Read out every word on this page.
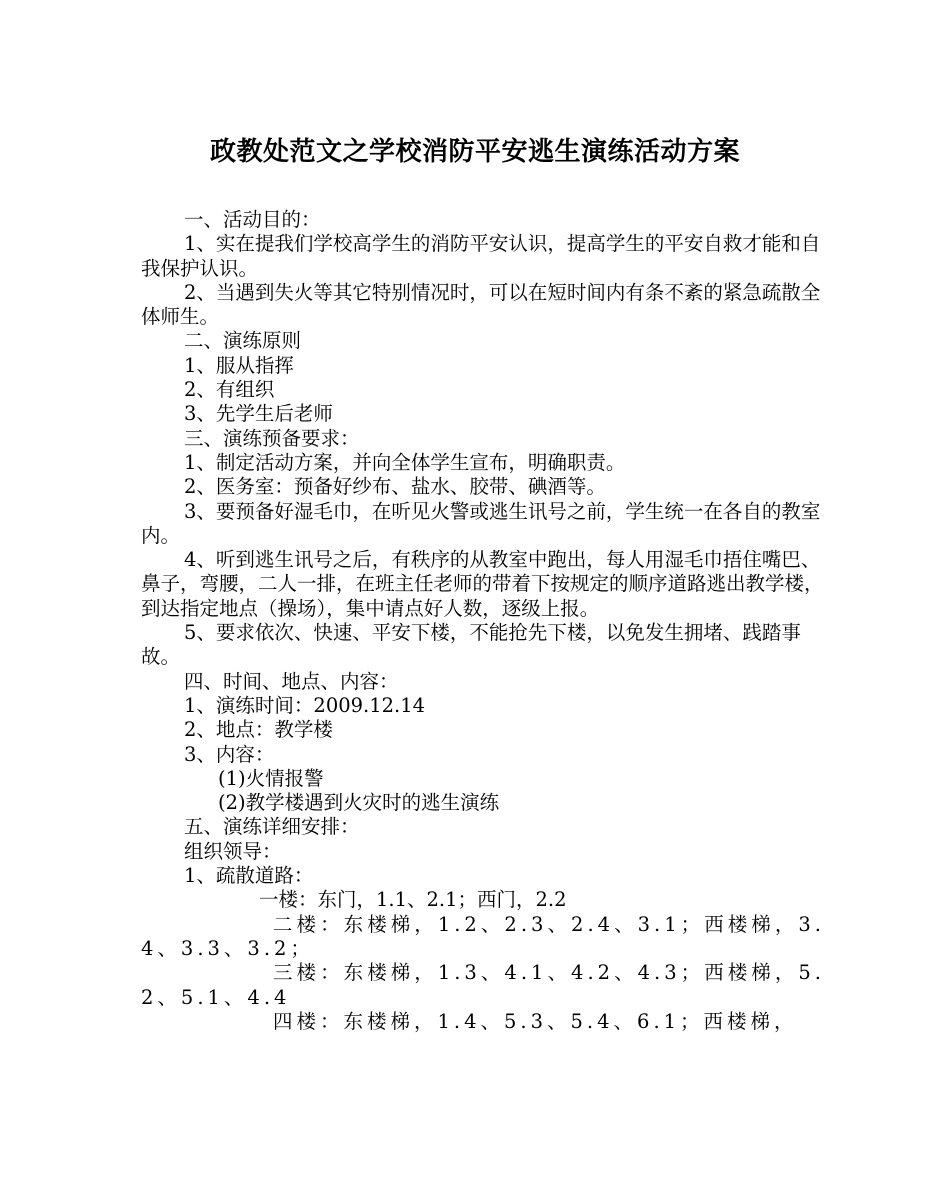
政教处范文之学校消防平安逃生演练活动方案

一、活动目的：

1、实在提我们学校高学生的消防平安认识，提高学生的平安自救才能和自我保护认识。

2、当遇到失火等其它特别情况时，可以在短时间内有条不紊的紧急疏散全体师生。

二、演练原则

1、服从指挥

2、有组织

3、先学生后老师

三、演练预备要求：

1、制定活动方案，并向全体学生宣布，明确职责。

2、医务室：预备好纱布、盐水、胶带、碘酒等。

3、要预备好湿毛巾，在听见火警或逃生讯号之前，学生统一在各自的教室内。

4、听到逃生讯号之后，有秩序的从教室中跑出，每人用湿毛巾捂住嘴巴、鼻子，弯腰，二人一排，在班主任老师的带着下按规定的顺序道路逃出教学楼，到达指定地点（操场），集中请点好人数，逐级上报。

5、要求依次、快速、平安下楼，不能抢先下楼，以免发生拥堵、践踏事故。

四、时间、地点、内容：

1、演练时间：2009.12.14

2、地点：教学楼

3、内容：

(1)火情报警

(2)教学楼遇到火灾时的逃生演练

五、演练详细安排：

组织领导：

1、疏散道路：

一楼：东门，1.1、2.1；西门，2.2

二楼：东楼梯，1.2、2.3、2.4、3.1；西楼梯，3.4、3.3、3.2；

三楼：东楼梯，1.3、4.1、4.2、4.3；西楼梯，5.2、5.1、4.4

四楼：东楼梯，1.4、5.3、5.4、6.1；西楼梯，
